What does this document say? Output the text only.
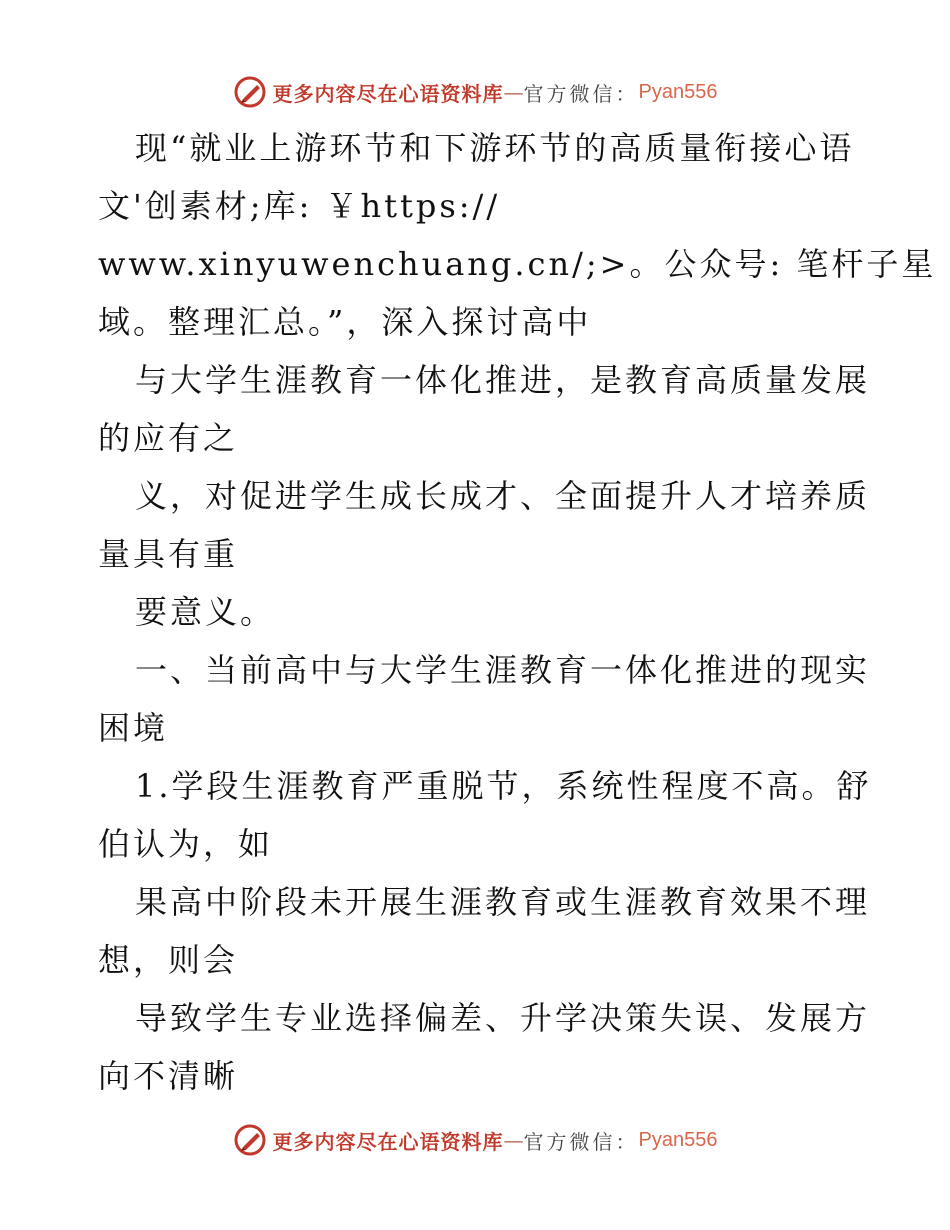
更多内容尽在心语资料库 — 官方微信： Pyan556
现“就业上游环节和下游环节的高质量衔接心语
文'创素材;库: ￥https://
www.xinyuwenchuang.cn/;>。公众号: 笔杆子星
域。整理汇总。”，深入探讨高中
与大学生涯教育一体化推进，是教育高质量发展
的应有之
义，对促进学生成长成才、全面提升人才培养质
量具有重
要意义。
一、当前高中与大学生涯教育一体化推进的现实
困境
1.学段生涯教育严重脱节，系统性程度不高。舒
伯认为，如
果高中阶段未开展生涯教育或生涯教育效果不理
想，则会
导致学生专业选择偏差、升学决策失误、发展方
向不清晰
更多内容尽在心语资料库 — 官方微信： Pyan556
